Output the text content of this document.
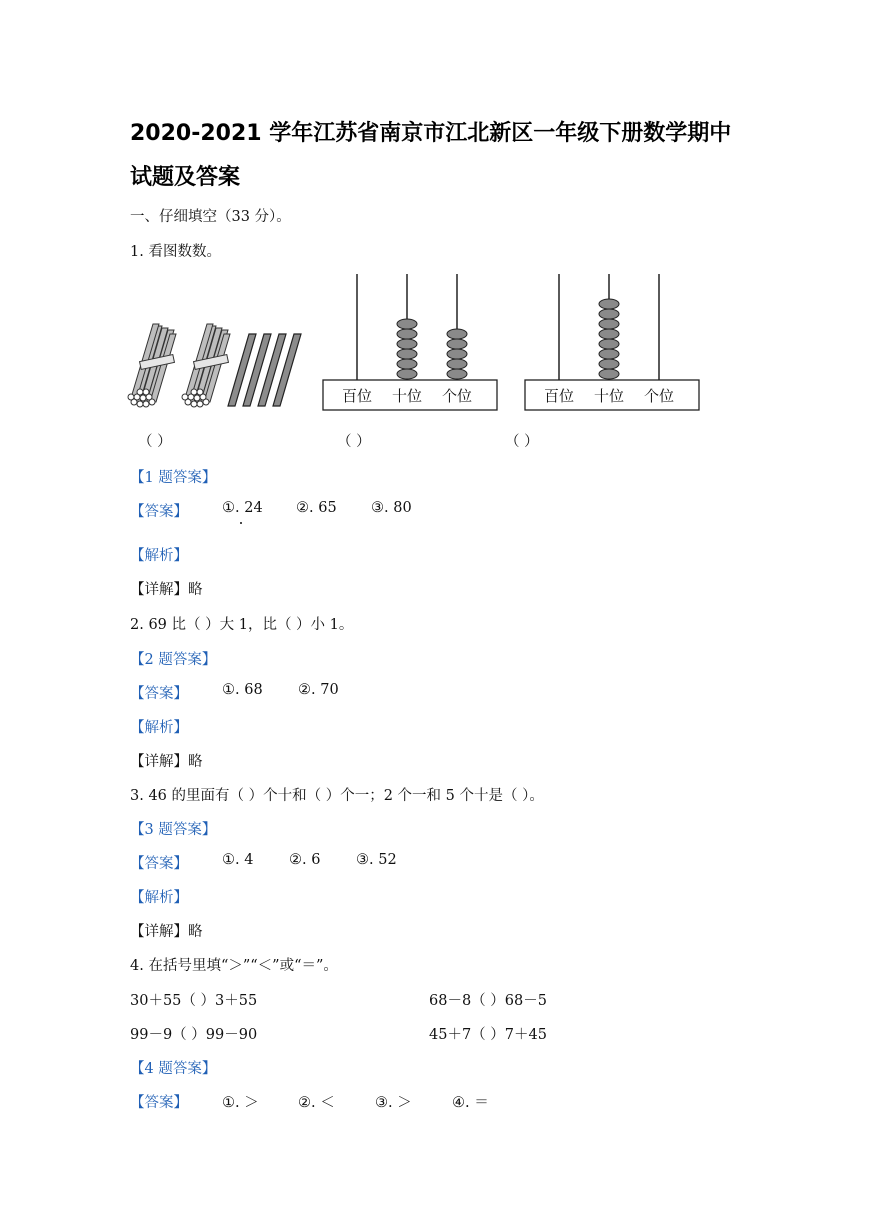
2020-2021 学年江苏省南京市江北新区一年级下册数学期中
试题及答案
一、仔细填空（33 分）。
1. 看图数数。
百位 十位 个位	百位 十位 个位
（ ）	（ ）	（ ）
【1 题答案】
【答案】 ①. 24 ②. 65 ③. 80
【解析】
【详解】略
2. 69 比（ ）大 1，比（ ）小 1。
【2 题答案】
【答案】 ①. 68 ②. 70
【解析】
【详解】略
3. 46 的里面有（ ）个十和（ ）个一；2 个一和 5 个十是（ ）。
【3 题答案】
【答案】 ①. 4 ②. 6 ③. 52
【解析】
【详解】略
4. 在括号里填“＞”“＜”或“＝”。
30＋55（ ）3＋55	68－8（ ）68－5
99－9（ ）99－90	45＋7（ ）7＋45
【4 题答案】
【答案】 ①. ＞	②. ＜	③. ＞	④. ＝
